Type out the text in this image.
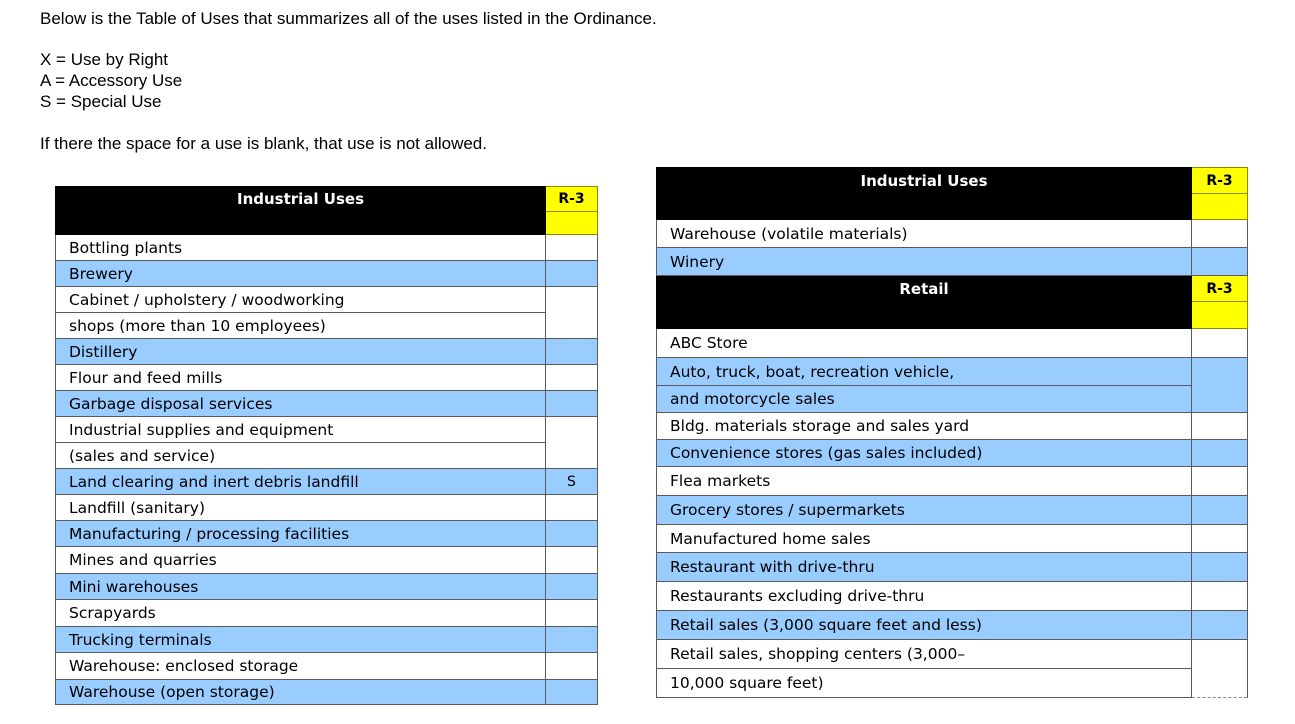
Below is the Table of Uses that summarizes all of the uses listed in the Ordinance.

X = Use by Right
A = Accessory Use
S = Special Use

If there the space for a use is blank, that use is not allowed.

Industrial Uses	R-3

Bottling plants	
Brewery	
Cabinet / upholstery / woodworking	
shops (more than 10 employees)	
Distillery	
Flour and feed mills	
Garbage disposal services	
Industrial supplies and equipment	
(sales and service)	
Land clearing and inert debris landfill	S
Landfill (sanitary)	
Manufacturing / processing facilities	
Mines and quarries	
Mini warehouses	
Scrapyards	
Trucking terminals	
Warehouse: enclosed storage	
Warehouse (open storage)	
Industrial Uses	R-3

Warehouse (volatile materials)	
Winery	
Retail	R-3

ABC Store	
Auto, truck, boat, recreation vehicle,	
and motorcycle sales	
Bldg. materials storage and sales yard	
Convenience stores (gas sales included)	
Flea markets	
Grocery stores / supermarkets	
Manufactured home sales	
Restaurant with drive-thru	
Restaurants excluding drive-thru	
Retail sales (3,000 square feet and less)	
Retail sales, shopping centers (3,000–	
10,000 square feet)	
